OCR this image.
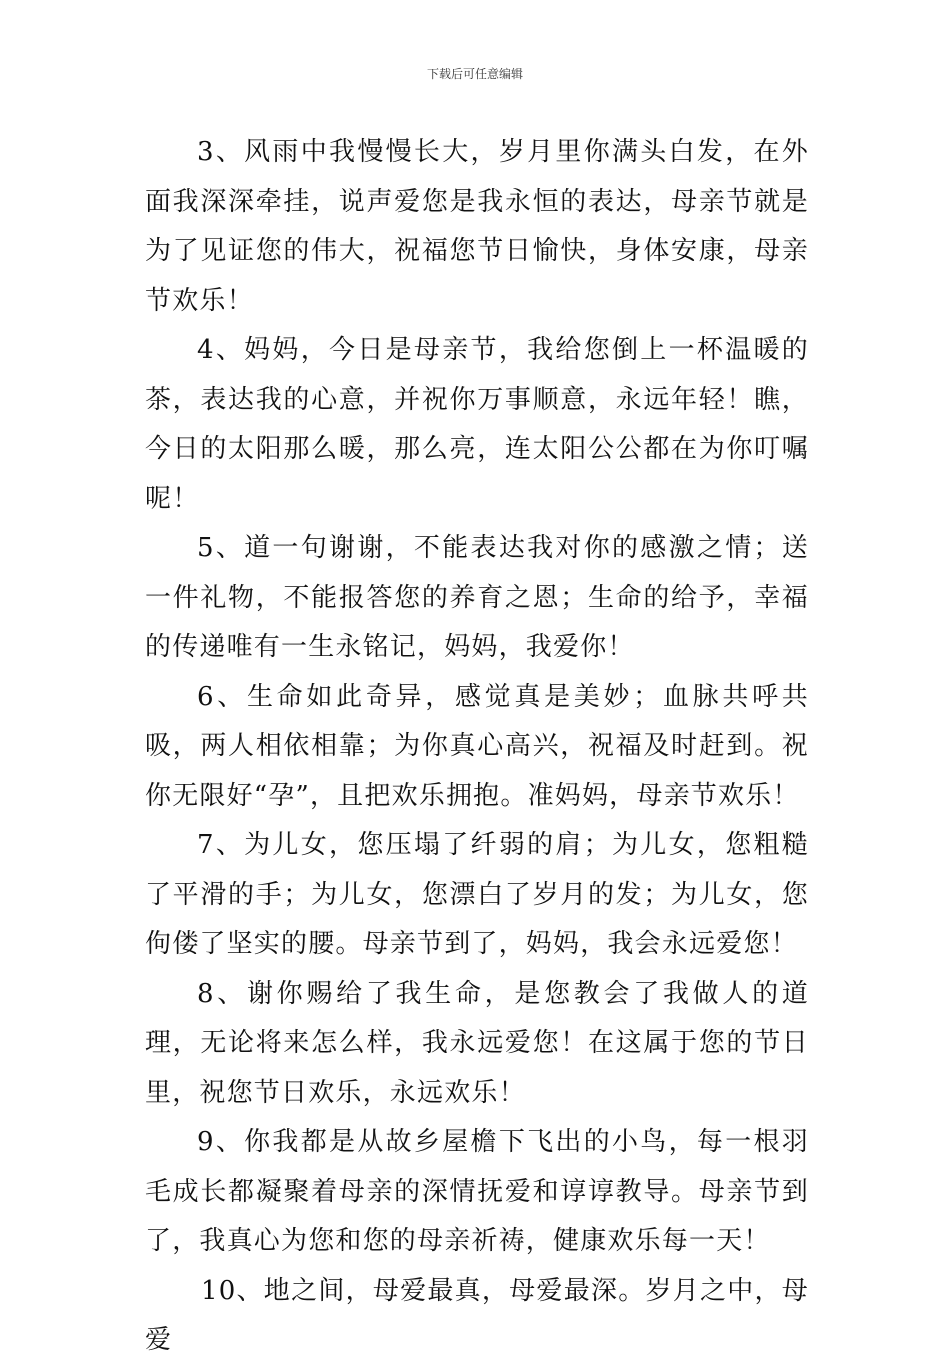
下载后可任意编辑

3、风雨中我慢慢长大，岁月里你满头白发，在外面我深深牵挂，说声爱您是我永恒的表达，母亲节就是为了见证您的伟大，祝福您节日愉快，身体安康，母亲节欢乐！

4、妈妈，今日是母亲节，我给您倒上一杯温暖的茶，表达我的心意，并祝你万事顺意，永远年轻！瞧，今日的太阳那么暖，那么亮，连太阳公公都在为你叮嘱呢！

5、道一句谢谢，不能表达我对你的感激之情；送一件礼物，不能报答您的养育之恩；生命的给予，幸福的传递唯有一生永铭记，妈妈，我爱你！

6、生命如此奇异，感觉真是美妙；血脉共呼共吸，两人相依相靠；为你真心高兴，祝福及时赶到。祝你无限好“孕”，且把欢乐拥抱。准妈妈，母亲节欢乐！

7、为儿女，您压塌了纤弱的肩；为儿女，您粗糙了平滑的手；为儿女，您漂白了岁月的发；为儿女，您佝偻了坚实的腰。母亲节到了，妈妈，我会永远爱您！

8、谢你赐给了我生命，是您教会了我做人的道理，无论将来怎么样，我永远爱您！在这属于您的节日里，祝您节日欢乐，永远欢乐！

9、你我都是从故乡屋檐下飞出的小鸟，每一根羽毛成长都凝聚着母亲的深情抚爱和谆谆教导。母亲节到了，我真心为您和您的母亲祈祷，健康欢乐每一天！

10、地之间，母爱最真，母爱最深。岁月之中，母爱
